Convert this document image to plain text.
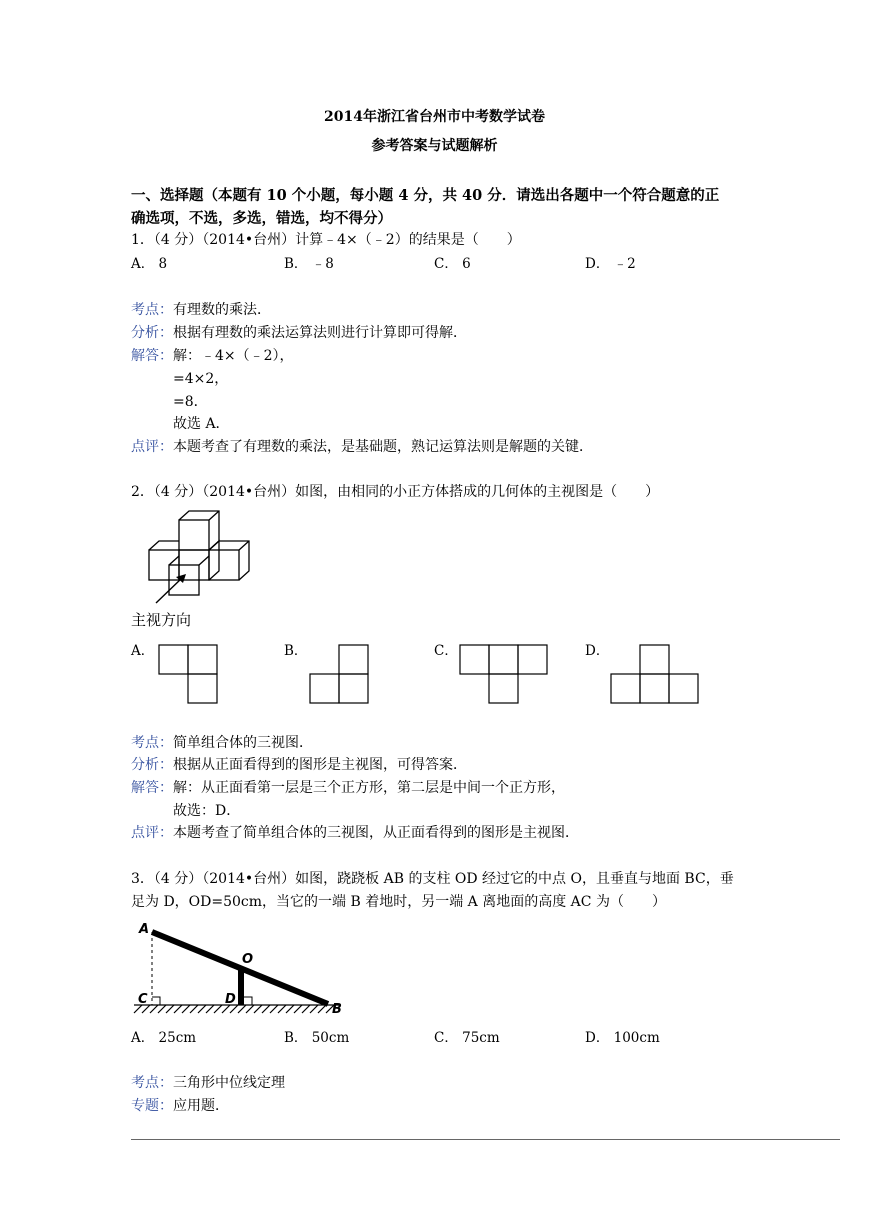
2014年浙江省台州市中考数学试卷
参考答案与试题解析
一、选择题（本题有 10 个小题，每小题 4 分，共 40 分．请选出各题中一个符合题意的正
确选项，不选，多选，错选，均不得分）
1．（4 分）（2014•台州）计算﹣4×（﹣2）的结果是（　　）
A． 8	B． ﹣8	C． 6	D． ﹣2
考点：有理数的乘法．
分析：根据有理数的乘法运算法则进行计算即可得解．
解答：解：﹣4×（﹣2），
=4×2，
=8．
故选 A．
点评：本题考查了有理数的乘法，是基础题，熟记运算法则是解题的关键．
2．（4 分）（2014•台州）如图，由相同的小正方体搭成的几何体的主视图是（　　）
主视方向
A．	B．	C．	D．
考点：简单组合体的三视图．
分析：根据从正面看得到的图形是主视图，可得答案．
解答：解：从正面看第一层是三个正方形，第二层是中间一个正方形，
故选：D．
点评：本题考查了简单组合体的三视图，从正面看得到的图形是主视图．
3．（4 分）（2014•台州）如图，跷跷板 AB 的支柱 OD 经过它的中点 O，且垂直与地面 BC，垂
足为 D，OD=50cm，当它的一端 B 着地时，另一端 A 离地面的高度 AC 为（　　）
A
O
C	D
B
A． 25cm	B． 50cm	C． 75cm	D． 100cm
考点：三角形中位线定理
专题：应用题．
